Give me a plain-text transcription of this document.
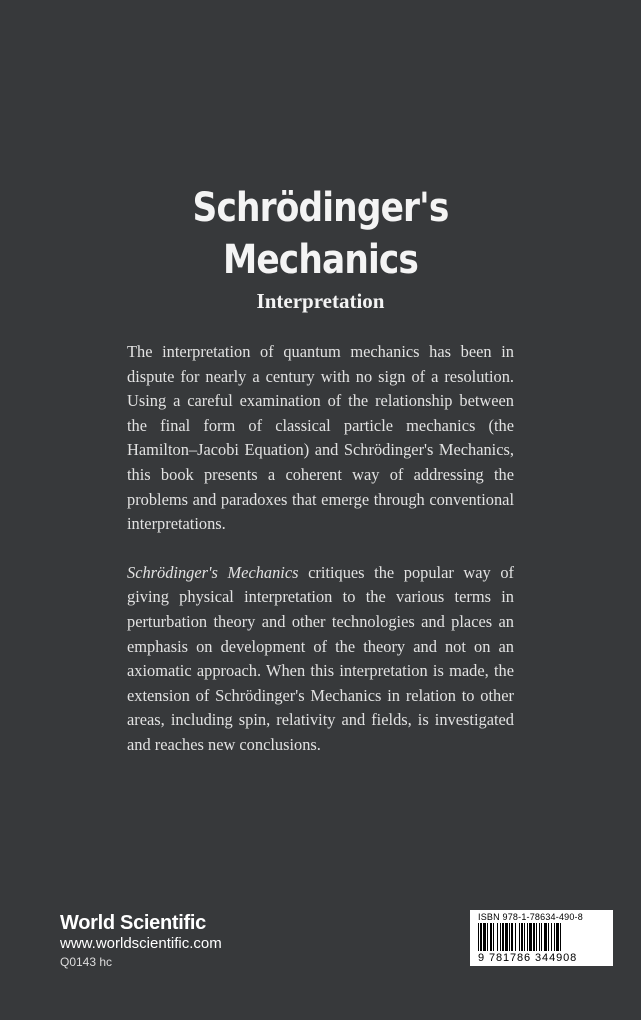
Schrödinger's
Mechanics
Interpretation

The interpretation of quantum mechanics has been in dispute for nearly a century with no sign of a resolution. Using a careful examination of the relationship between the final form of classical particle mechanics (the Hamilton–Jacobi Equation) and Schrödinger's Mechanics, this book presents a coherent way of addressing the problems and paradoxes that emerge through conventional interpretations.

Schrödinger's Mechanics critiques the popular way of giving physical interpretation to the various terms in perturbation theory and other technologies and places an emphasis on development of the theory and not on an axiomatic approach. When this interpretation is made, the extension of Schrödinger's Mechanics in relation to other areas, including spin, relativity and fields, is investigated and reaches new conclusions.

World Scientific
www.worldscientific.com
Q0143 hc
ISBN 978-1-78634-490-8
9 781786 344908
